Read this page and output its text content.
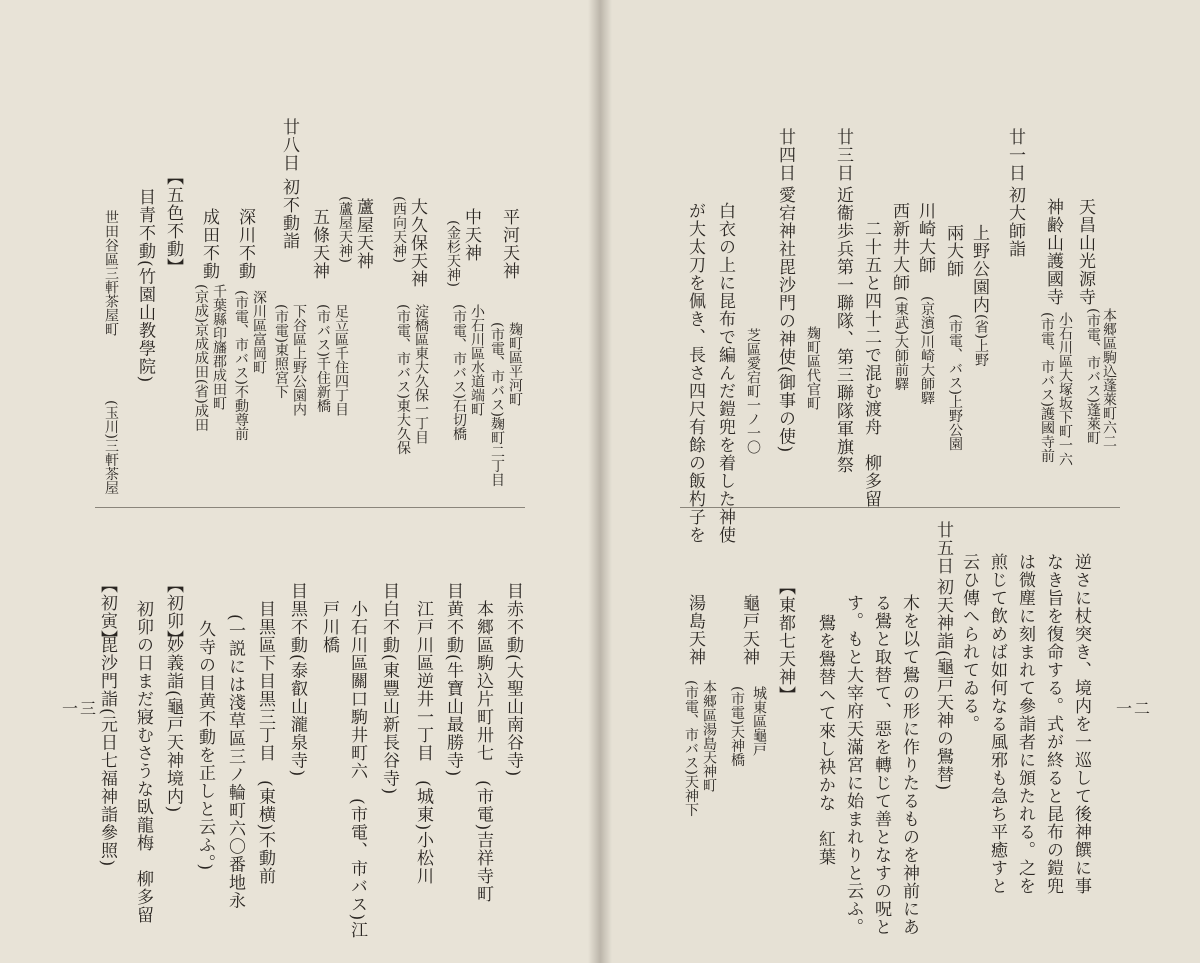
一二
一三
天昌山光源寺
神齢山護國寺
廿一日
初大師詣
上野公園内
兩大師
川崎大師
西新井大師
二十五と四十二で混む渡舟　柳多留
廿三日
近衞歩兵第一聯隊、第三聯隊軍旗祭
廿四日
愛宕神社毘沙門の神使(御事の使)
白衣の上に昆布で編んだ鎧兜を着した神使
が大太刀を佩き、長さ四尺有餘の飯杓子を	本郷區駒込蓬萊町六二
(市電、市バス)蓬萊町
小石川區大塚坂下町一六
(市電、市バス)護國寺前
(省)上野
(市電、バス)上野公園
(京濱)川崎大師驛
(東武)大師前驛
麹町區代官町
芝區愛宕町一ノ一〇
逆さに杖突き、境内を一巡して後神饌に事
なき旨を復命する。式が終ると昆布の鎧兜
は微塵に刻まれて參詣者に頒たれる。之を
煎じて飲めば如何なる風邪も急ち平癒すと
云ひ傳へられてゐる。
廿五日
初天神詣(龜戸天神の鷽替)
木を以て鷽の形に作りたるものを神前にあ
る鷽と取替て、惡を轉じて善となすの呪と
す。もと大宰府天滿宮に始まれりと云ふ。
鷽を鷽替へて來し袂かな　紅葉
【東都七天神】
龜戸天神
湯島天神
城東區龜戸
(市電)天神橋
本郷區湯島天神町
(市電、市バス)天神下
平河天神
中天神
大久保天神
蘆屋天神
五條天神
廿八日
初不動詣
深川不動
成田不動
【五色不動】
目青不動(竹園山教學院)
世田谷區三軒茶屋町
麹町區平河町
(市電、市バス)麹町二丁目
(金杉天神)
小石川區水道端町
(市電、市バス)石切橋
(西向天神)
淀橋區東大久保一丁目
(市電、市バス)東大久保
(蘆屋天神)
足立區千住四丁目
(市バス)千住新橋
下谷區上野公園内
(市電)東照宮下
深川區富岡町
(市電、市バス)不動尊前
千葉縣印旛郡成田町
(京成)京成成田(省)成田
(玉川)三軒茶屋
目赤不動(大聖山南谷寺)
本郷區駒込片町卅七　(市電)吉祥寺町
目黄不動(牛寶山最勝寺)
江戸川區逆井一丁目　(城東)小松川
目白不動(東豐山新長谷寺)
小石川區關口駒井町六　(市電、市バス)江
戸川橋
目黒不動(泰叡山瀧泉寺)
目黒區下目黒三丁目　(東横)不動前
(一説には淺草區三ノ輪町六〇番地永
久寺の目黄不動を正しと云ふ。)
【初卯】
妙義詣(龜戸天神境内)
初卯の日まだ寢むさうな臥龍梅　柳多留
【初寅】
毘沙門詣(元日七福神詣參照)
